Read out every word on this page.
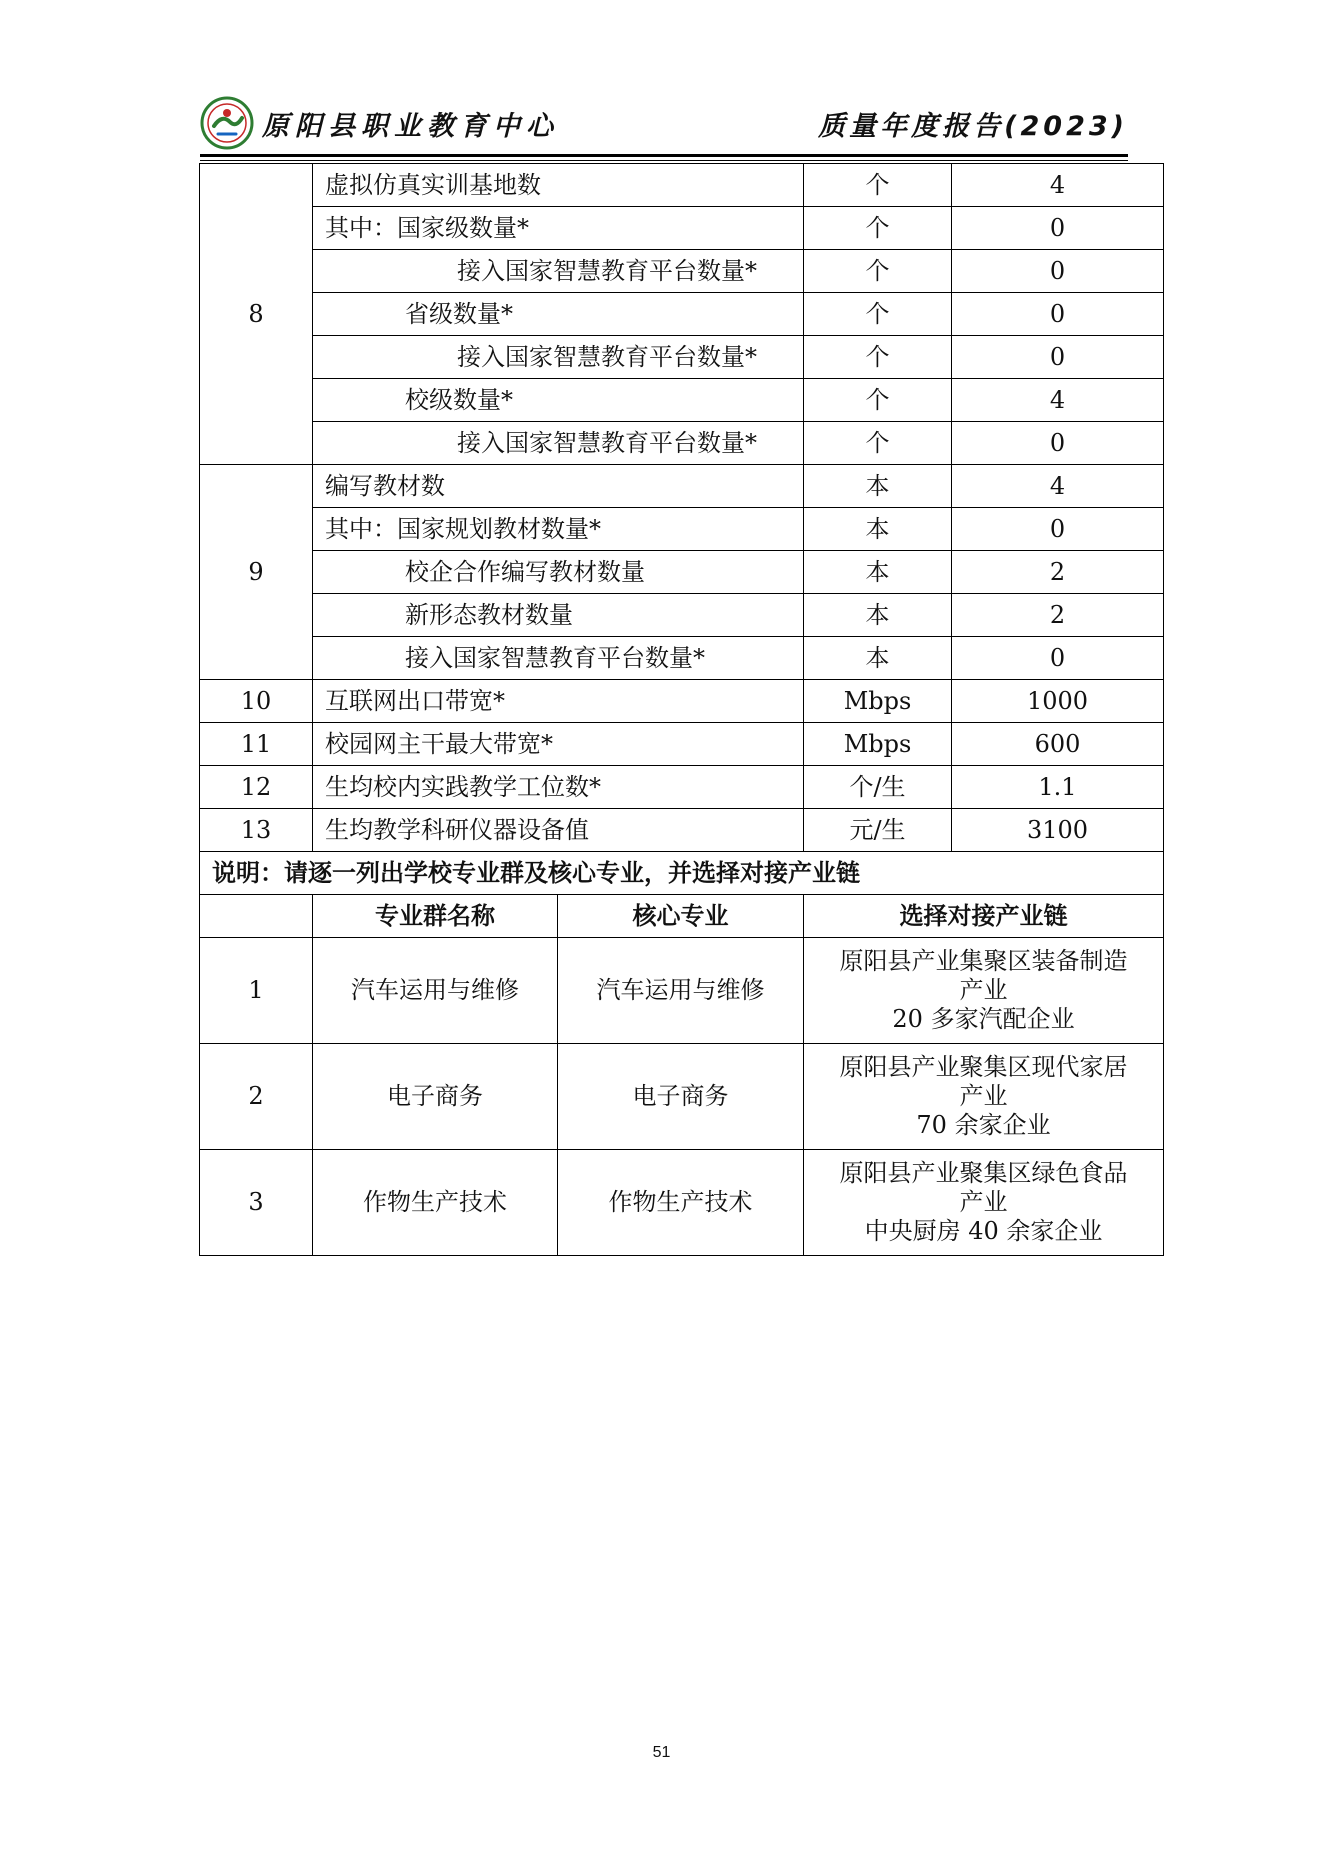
原阳县职业教育中心	质量年度报告(2023)
8	虚拟仿真实训基地数		个	4
	其中：国家级数量*		个	0
	接入国家智慧教育平台数量*		个	0
	省级数量*		个	0
	接入国家智慧教育平台数量*		个	0
	校级数量*		个	4
	接入国家智慧教育平台数量*		个	0
9	编写教材数		本	4
	其中：国家规划教材数量*		本	0
	校企合作编写教材数量		本	2
	新形态教材数量		本	2
	接入国家智慧教育平台数量*		本	0
10	互联网出口带宽*		Mbps	1000
11	校园网主干最大带宽*		Mbps	600
12	生均校内实践教学工位数*		个/生	1.1
13	生均教学科研仪器设备值		元/生	3100
说明：请逐一列出学校专业群及核心专业，并选择对接产业链				
	专业群名称	核心专业	选择对接产业链	
1	汽车运用与维修	汽车运用与维修	原阳县产业集聚区装备制造
产业
20 多家汽配企业	

2	电子商务	电子商务	原阳县产业聚集区现代家居
产业
70 余家企业	

3	作物生产技术	作物生产技术	原阳县产业聚集区绿色食品
产业
中央厨房 40 余家企业	
51
